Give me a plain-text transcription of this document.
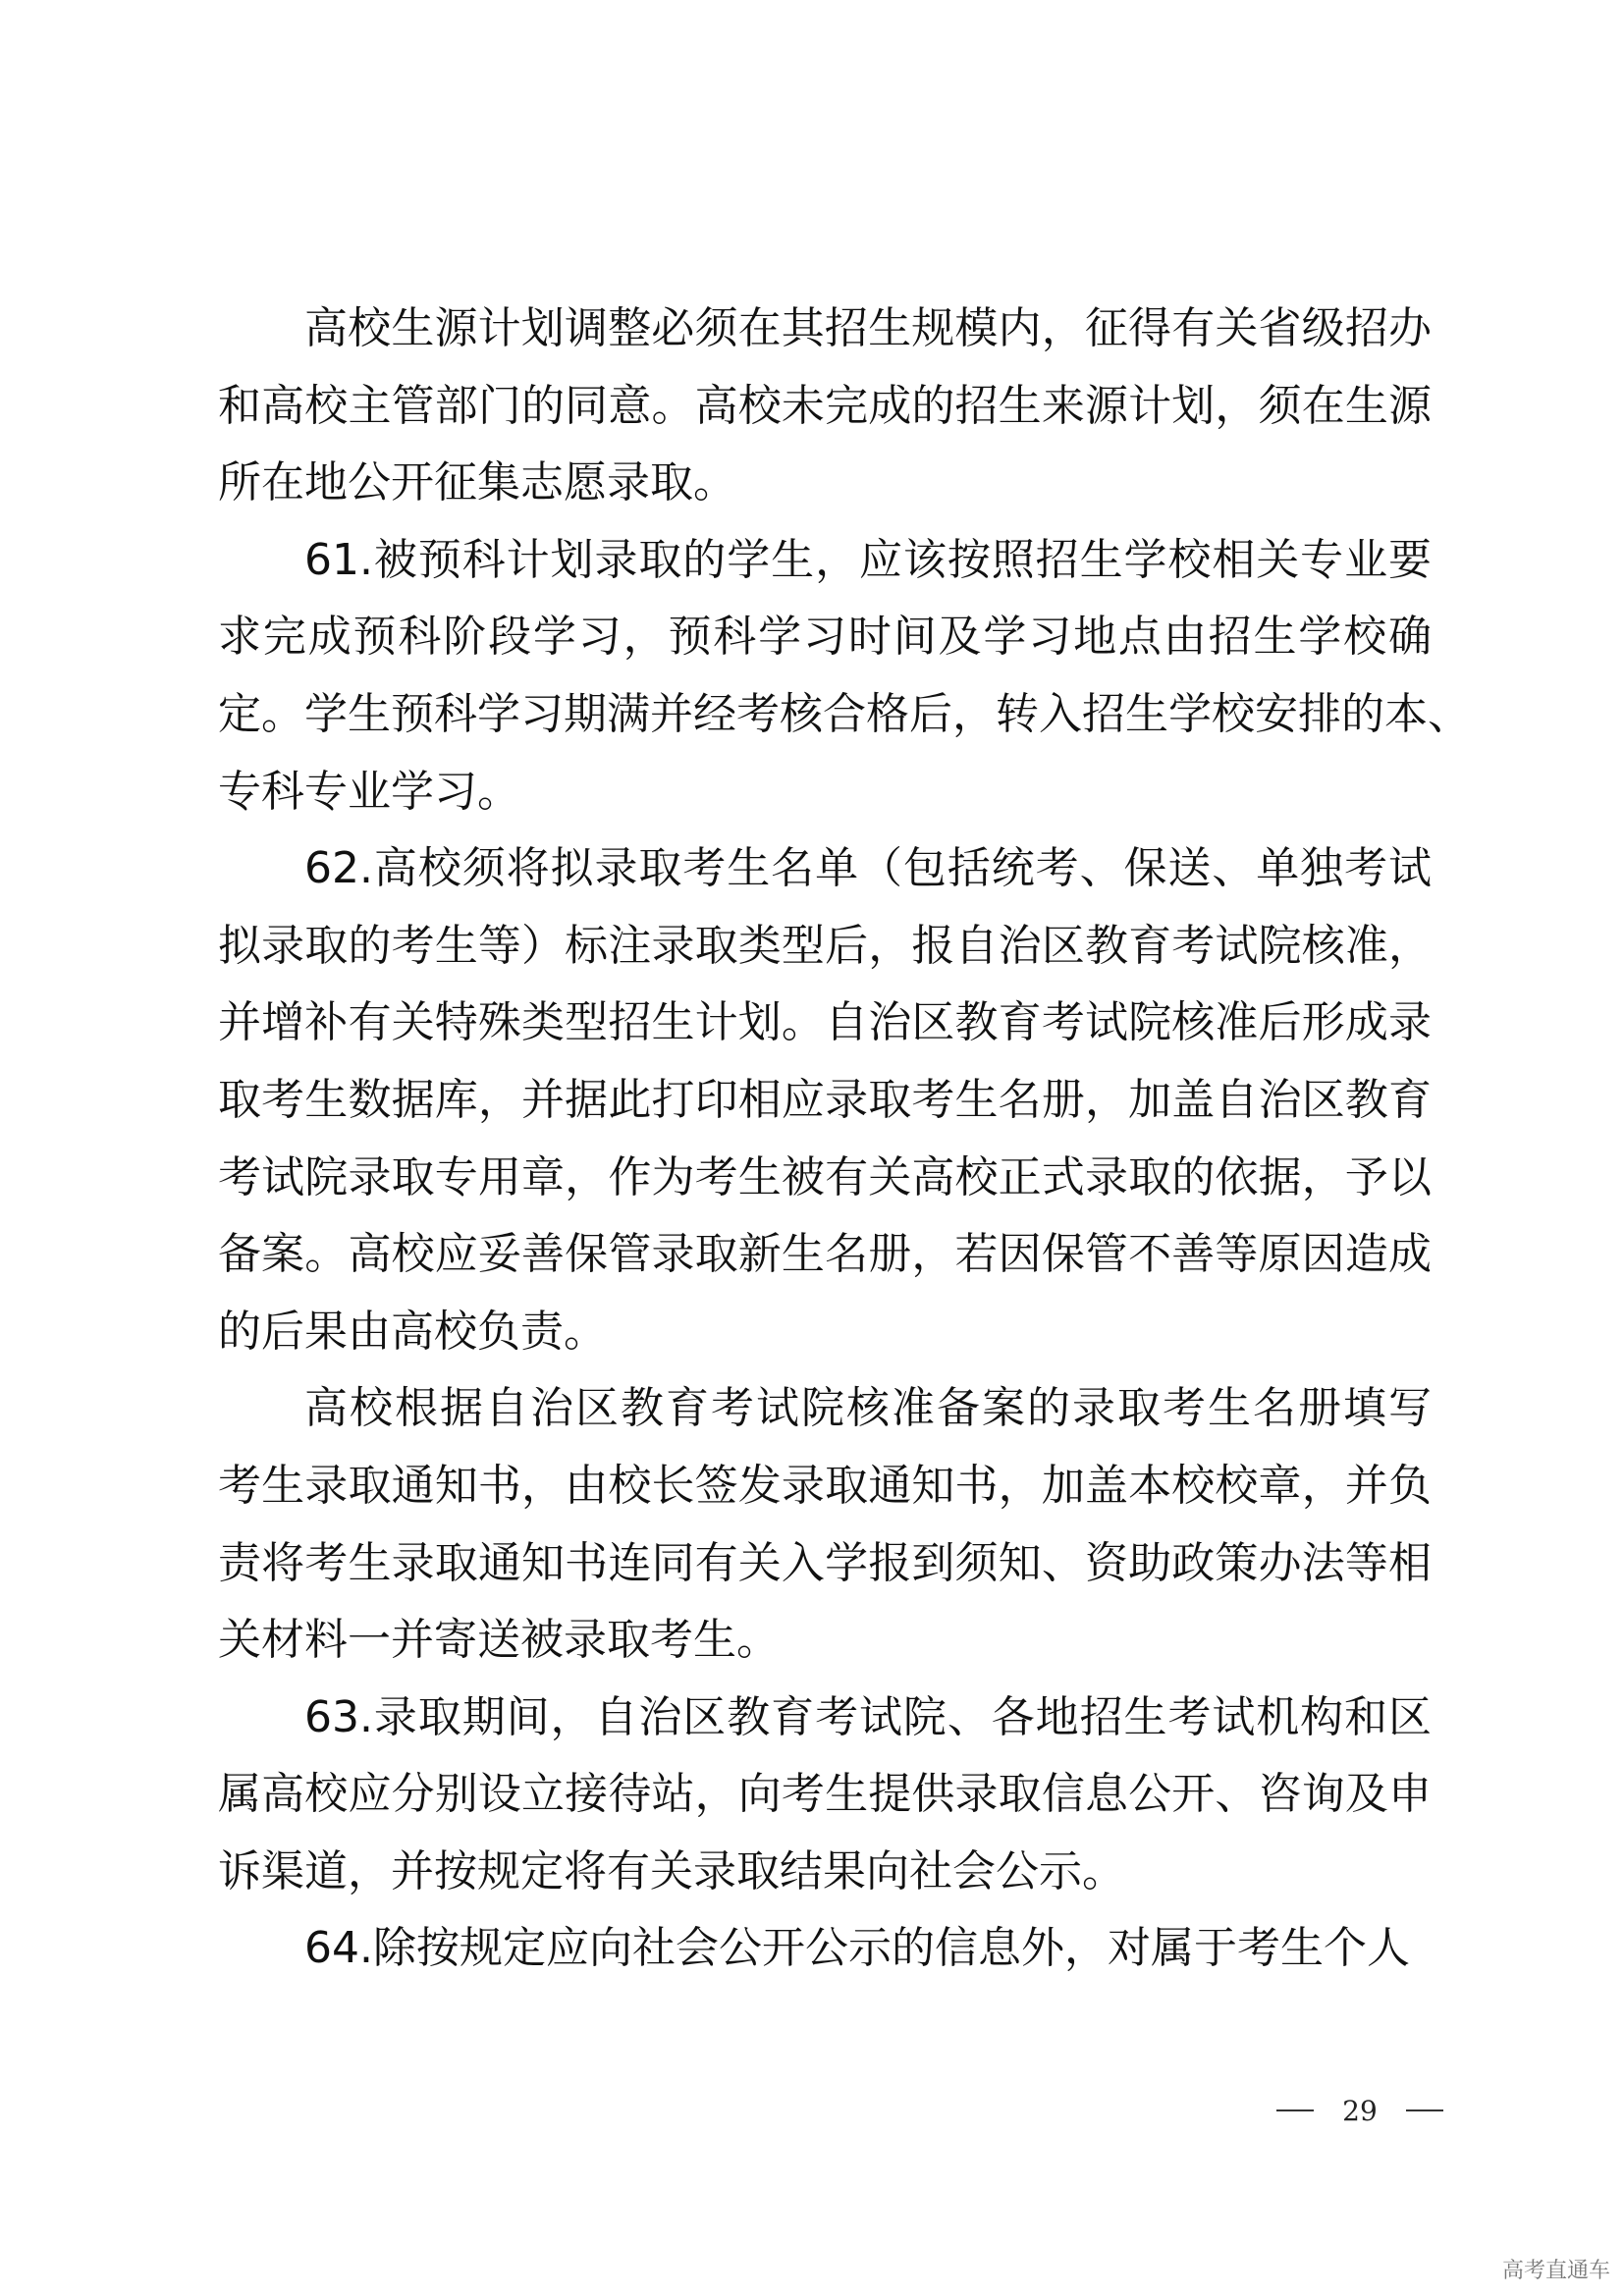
高校生源计划调整必须在其招生规模内，征得有关省级招办
和高校主管部门的同意。高校未完成的招生来源计划，须在生源
所在地公开征集志愿录取。
61.被预科计划录取的学生，应该按照招生学校相关专业要
求完成预科阶段学习，预科学习时间及学习地点由招生学校确
定。学生预科学习期满并经考核合格后，转入招生学校安排的本、
专科专业学习。
62.高校须将拟录取考生名单（包括统考、保送、单独考试
拟录取的考生等）标注录取类型后，报自治区教育考试院核准，
并增补有关特殊类型招生计划。自治区教育考试院核准后形成录
取考生数据库，并据此打印相应录取考生名册，加盖自治区教育
考试院录取专用章，作为考生被有关高校正式录取的依据，予以
备案。高校应妥善保管录取新生名册，若因保管不善等原因造成
的后果由高校负责。
高校根据自治区教育考试院核准备案的录取考生名册填写
考生录取通知书，由校长签发录取通知书，加盖本校校章，并负
责将考生录取通知书连同有关入学报到须知、资助政策办法等相
关材料一并寄送被录取考生。
63.录取期间，自治区教育考试院、各地招生考试机构和区
属高校应分别设立接待站，向考生提供录取信息公开、咨询及申
诉渠道，并按规定将有关录取结果向社会公示。
64.除按规定应向社会公开公示的信息外，对属于考生个人
29
高考直通车
